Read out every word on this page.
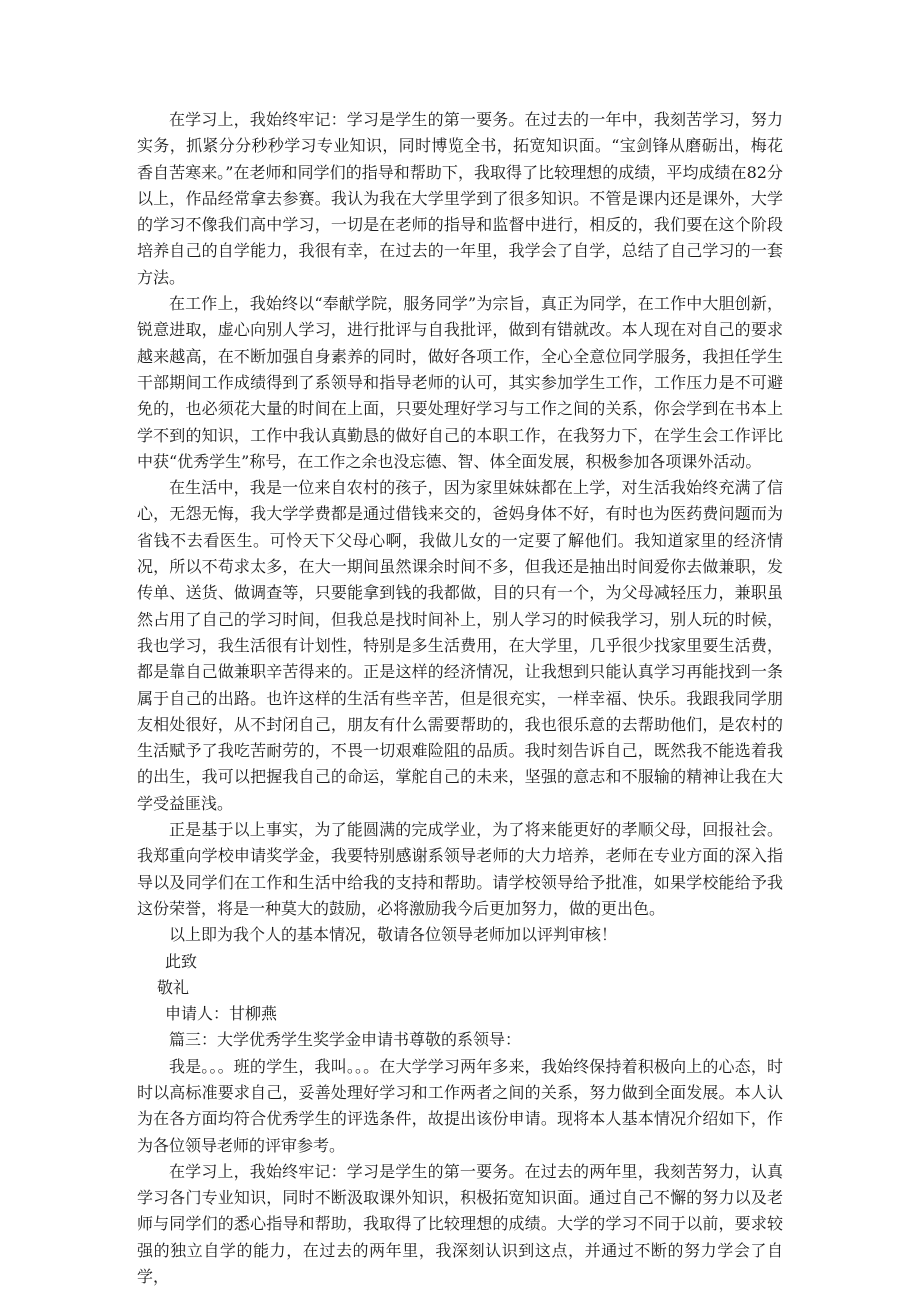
在学习上，我始终牢记：学习是学生的第一要务。在过去的一年中，我刻苦学习，努力实务，抓紧分分秒秒学习专业知识，同时博览全书，拓宽知识面。“宝剑锋从磨砺出，梅花香自苦寒来。”在老师和同学们的指导和帮助下，我取得了比较理想的成绩，平均成绩在82分以上，作品经常拿去参赛。我认为我在大学里学到了很多知识。不管是课内还是课外，大学的学习不像我们高中学习，一切是在老师的指导和监督中进行，相反的，我们要在这个阶段培养自己的自学能力，我很有幸，在过去的一年里，我学会了自学，总结了自己学习的一套方法。

在工作上，我始终以“奉献学院，服务同学”为宗旨，真正为同学，在工作中大胆创新，锐意进取，虚心向别人学习，进行批评与自我批评，做到有错就改。本人现在对自己的要求越来越高，在不断加强自身素养的同时，做好各项工作，全心全意位同学服务，我担任学生干部期间工作成绩得到了系领导和指导老师的认可，其实参加学生工作，工作压力是不可避免的，也必须花大量的时间在上面，只要处理好学习与工作之间的关系，你会学到在书本上学不到的知识，工作中我认真勤恳的做好自己的本职工作，在我努力下，在学生会工作评比中获“优秀学生”称号，在工作之余也没忘德、智、体全面发展，积极参加各项课外活动。

在生活中，我是一位来自农村的孩子，因为家里妹妹都在上学，对生活我始终充满了信心，无怨无悔，我大学学费都是通过借钱来交的，爸妈身体不好，有时也为医药费问题而为省钱不去看医生。可怜天下父母心啊，我做儿女的一定要了解他们。我知道家里的经济情况，所以不苟求太多，在大一期间虽然课余时间不多，但我还是抽出时间爱你去做兼职，发传单、送货、做调查等，只要能拿到钱的我都做，目的只有一个，为父母减轻压力，兼职虽然占用了自己的学习时间，但我总是找时间补上，别人学习的时候我学习，别人玩的时候，我也学习，我生活很有计划性，特别是多生活费用，在大学里，几乎很少找家里要生活费，都是靠自己做兼职辛苦得来的。正是这样的经济情况，让我想到只能认真学习再能找到一条属于自己的出路。也许这样的生活有些辛苦，但是很充实，一样幸福、快乐。我跟我同学朋友相处很好，从不封闭自己，朋友有什么需要帮助的，我也很乐意的去帮助他们，是农村的生活赋予了我吃苦耐劳的，不畏一切艰难险阻的品质。我时刻告诉自己，既然我不能选着我的出生，我可以把握我自己的命运，掌舵自己的未来，坚强的意志和不服输的精神让我在大学受益匪浅。

正是基于以上事实，为了能圆满的完成学业，为了将来能更好的孝顺父母，回报社会。我郑重向学校申请奖学金，我要特别感谢系领导老师的大力培养，老师在专业方面的深入指导以及同学们在工作和生活中给我的支持和帮助。请学校领导给予批准，如果学校能给予我这份荣誉，将是一种莫大的鼓励，必将激励我今后更加努力，做的更出色。

以上即为我个人的基本情况，敬请各位领导老师加以评判审核！

此致

敬礼

申请人：甘柳燕

篇三：大学优秀学生奖学金申请书尊敬的系领导：

我是。。。班的学生，我叫。。。在大学学习两年多来，我始终保持着积极向上的心态，时时以高标准要求自己，妥善处理好学习和工作两者之间的关系，努力做到全面发展。本人认为在各方面均符合优秀学生的评选条件，故提出该份申请。现将本人基本情况介绍如下，作为各位领导老师的评审参考。

在学习上，我始终牢记：学习是学生的第一要务。在过去的两年里，我刻苦努力，认真学习各门专业知识，同时不断汲取课外知识，积极拓宽知识面。通过自己不懈的努力以及老师与同学们的悉心指导和帮助，我取得了比较理想的成绩。大学的学习不同于以前，要求较强的独立自学的能力，在过去的两年里，我深刻认识到这点，并通过不断的努力学会了自学，
